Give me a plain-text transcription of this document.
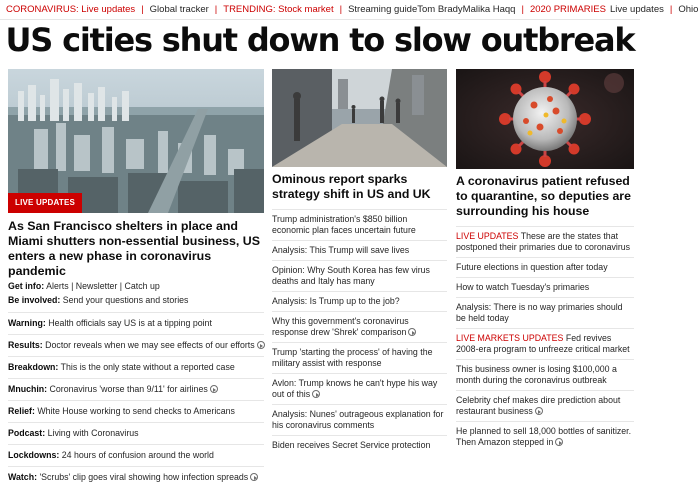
CORONAVIRUS: Live updates | Global tracker | TRENDING: Stock market | Streaming guide Tom Brady Malika Haqq | 2020 PRIMARIES Live updates | Ohio
US cities shut down to slow outbreak
LIVE UPDATES
As San Francisco shelters in place and Miami shutters non-essential business, US enters a new phase in coronavirus pandemic
Get info: Alerts | Newsletter | Catch up
Be involved: Send your questions and stories
Warning: Health officials say US is at a tipping point
Results: Doctor reveals when we may see effects of our efforts
Breakdown: This is the only state without a reported case
Mnuchin: Coronavirus 'worse than 9/11' for airlines
Relief: White House working to send checks to Americans
Podcast: Living with Coronavirus
Lockdowns: 24 hours of confusion around the world
Watch: 'Scrubs' clip goes viral showing how infection spreads
Ominous report sparks strategy shift in US and UK
Trump administration's $850 billion economic plan faces uncertain future
Analysis: This Trump will save lives
Opinion: Why South Korea has few virus deaths and Italy has many
Analysis: Is Trump up to the job?
Why this government's coronavirus response drew 'Shrek' comparison
Trump 'starting the process' of having the military assist with response
Avlon: Trump knows he can't hype his way out of this
Analysis: Nunes' outrageous explanation for his coronavirus comments
Biden receives Secret Service protection
A coronavirus patient refused to quarantine, so deputies are surrounding his house
LIVE UPDATES These are the states that postponed their primaries due to coronavirus
Future elections in question after today
How to watch Tuesday's primaries
Analysis: There is no way primaries should be held today
LIVE MARKETS UPDATES Fed revives 2008-era program to unfreeze critical market
This business owner is losing $100,000 a month during the coronavirus outbreak
Celebrity chef makes dire prediction about restaurant business
He planned to sell 18,000 bottles of sanitizer. Then Amazon stepped in
